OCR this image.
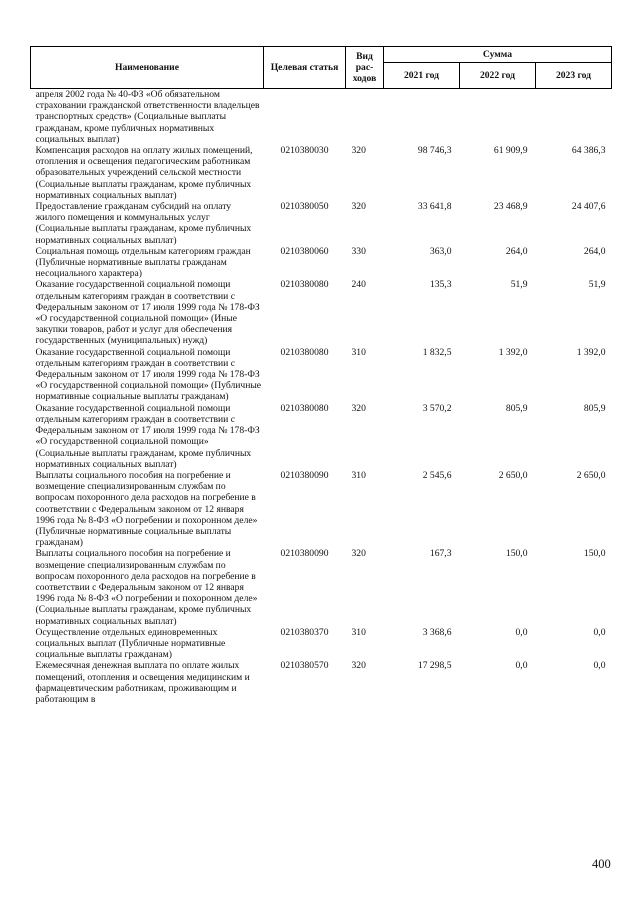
Наименование	Целевая статья	Вид рас-ходов	Сумма		
			2021 год	2022 год	2023 год
апреля 2002 года № 40-ФЗ «Об обязательном страховании гражданской ответственности владельцев транспортных средств» (Социальные выплаты гражданам, кроме публичных нормативных социальных выплат)					
Компенсация расходов на оплату жилых помещений, отопления и освещения педагогическим работникам образовательных учреждений сельской местности (Социальные выплаты гражданам, кроме публичных нормативных социальных выплат)	0210380030	320	98 746,3	61 909,9	64 386,3
Предоставление гражданам субсидий на оплату жилого помещения и коммунальных услуг (Социальные выплаты гражданам, кроме публичных нормативных социальных выплат)	0210380050	320	33 641,8	23 468,9	24 407,6
Социальная помощь отдельным категориям граждан (Публичные нормативные выплаты гражданам несоциального характера)	0210380060	330	363,0	264,0	264,0
Оказание государственной социальной помощи отдельным категориям граждан в соответствии с Федеральным законом от 17 июля 1999 года № 178-ФЗ «О государственной социальной помощи» (Иные закупки товаров, работ и услуг для обеспечения государственных (муниципальных) нужд)	0210380080	240	135,3	51,9	51,9
Оказание государственной социальной помощи отдельным категориям граждан в соответствии с Федеральным законом от 17 июля 1999 года № 178-ФЗ «О государственной социальной помощи» (Публичные нормативные социальные выплаты гражданам)	0210380080	310	1 832,5	1 392,0	1 392,0
Оказание государственной социальной помощи отдельным категориям граждан в соответствии с Федеральным законом от 17 июля 1999 года № 178-ФЗ «О государственной социальной помощи» (Социальные выплаты гражданам, кроме публичных нормативных социальных выплат)	0210380080	320	3 570,2	805,9	805,9
Выплаты социального пособия на погребение и возмещение специализированным службам по вопросам похоронного дела расходов на погребение в соответствии с Федеральным законом от 12 января 1996 года № 8-ФЗ «О погребении и похоронном деле» (Публичные нормативные социальные выплаты гражданам)	0210380090	310	2 545,6	2 650,0	2 650,0
Выплаты социального пособия на погребение и возмещение специализированным службам по вопросам похоронного дела расходов на погребение в соответствии с Федеральным законом от 12 января 1996 года № 8-ФЗ «О погребении и похоронном деле» (Социальные выплаты гражданам, кроме публичных нормативных социальных выплат)	0210380090	320	167,3	150,0	150,0
Осуществление отдельных единовременных социальных выплат (Публичные нормативные социальные выплаты гражданам)	0210380370	310	3 368,6	0,0	0,0
Ежемесячная денежная выплата по оплате жилых помещений, отопления и освещения медицинским и фармацевтическим работникам, проживающим и работающим в	0210380570	320	17 298,5	0,0	0,0
400
